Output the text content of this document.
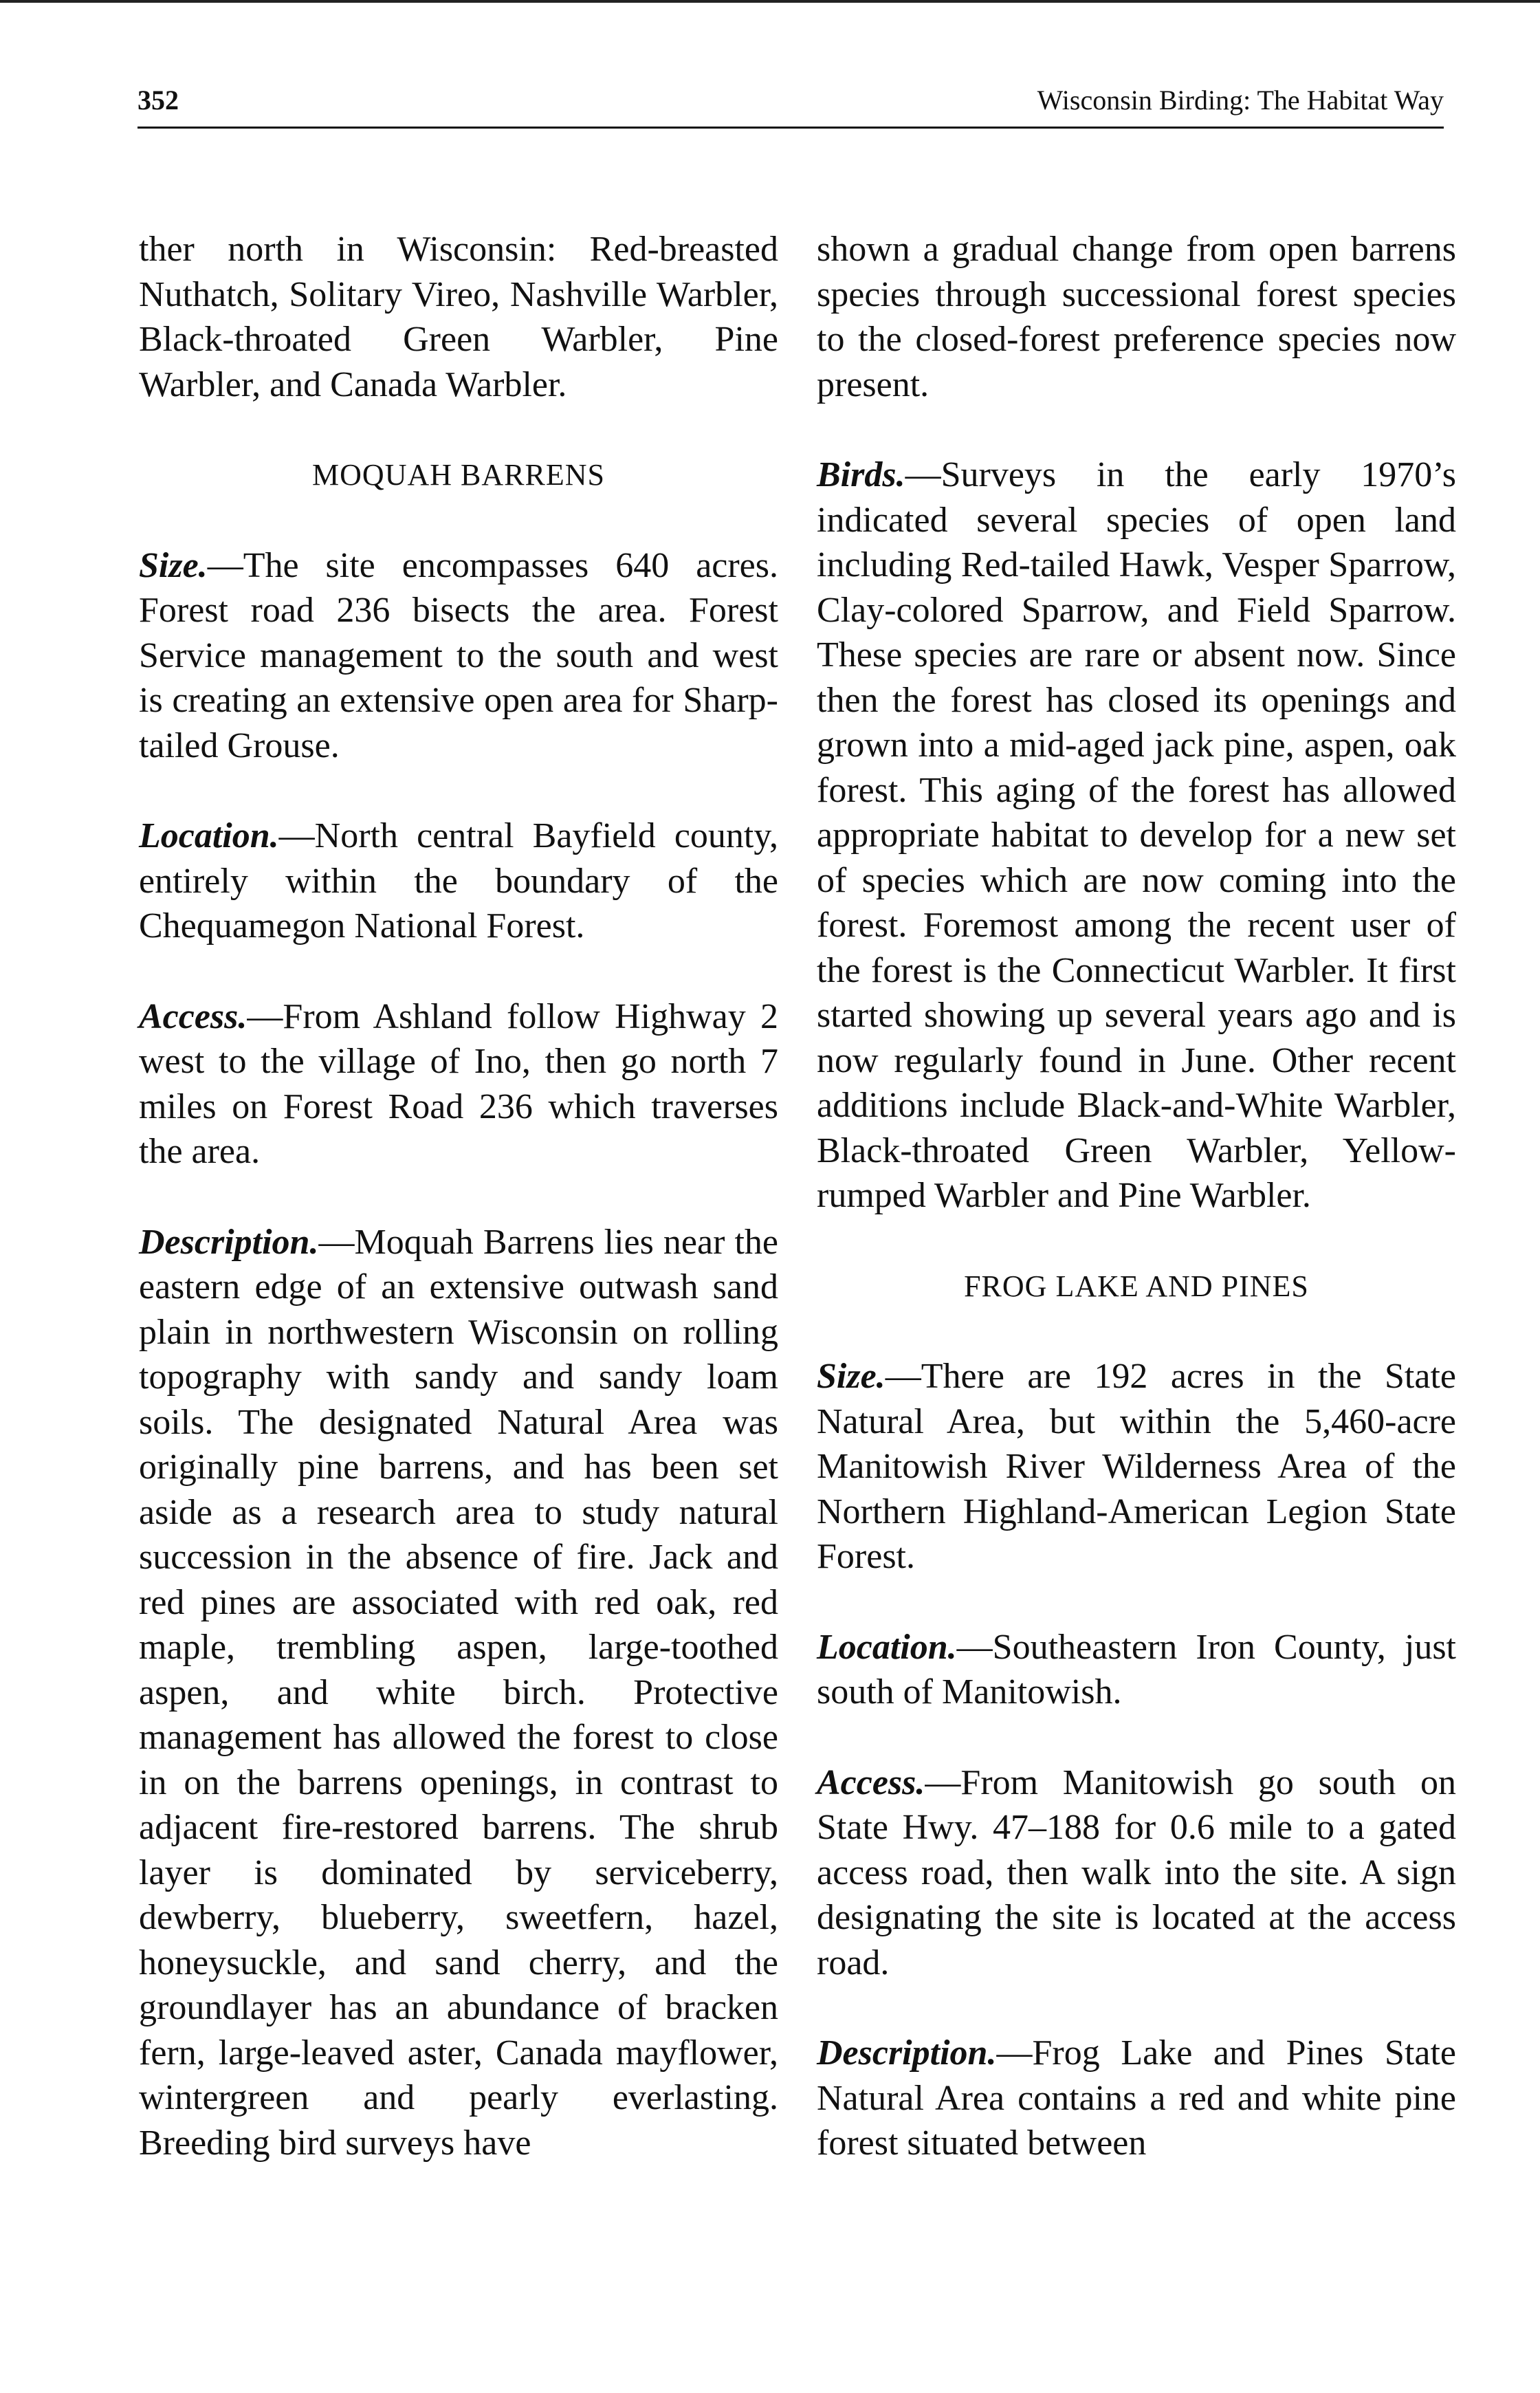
352	Wisconsin Birding: The Habitat Way

ther north in Wisconsin: Red-breasted Nuthatch, Solitary Vireo, Nashville Warbler, Black-throated Green Warbler, Pine Warbler, and Canada Warbler.

MOQUAH BARRENS

Size.—The site encompasses 640 acres. Forest road 236 bisects the area. Forest Service management to the south and west is creating an extensive open area for Sharp-tailed Grouse.

Location.—North central Bayfield county, entirely within the boundary of the Chequamegon National Forest.

Access.—From Ashland follow Highway 2 west to the village of Ino, then go north 7 miles on Forest Road 236 which traverses the area.

Description.—Moquah Barrens lies near the eastern edge of an extensive outwash sand plain in northwestern Wisconsin on rolling topography with sandy and sandy loam soils. The designated Natural Area was originally pine barrens, and has been set aside as a research area to study natural succession in the absence of fire. Jack and red pines are associated with red oak, red maple, trembling aspen, large-toothed aspen, and white birch. Protective management has allowed the forest to close in on the barrens openings, in contrast to adjacent fire-restored barrens. The shrub layer is dominated by serviceberry, dewberry, blueberry, sweetfern, hazel, honeysuckle, and sand cherry, and the groundlayer has an abundance of bracken fern, large-leaved aster, Canada mayflower, wintergreen and pearly everlasting. Breeding bird surveys have

shown a gradual change from open barrens species through successional forest species to the closed-forest preference species now present.

Birds.—Surveys in the early 1970’s indicated several species of open land including Red-tailed Hawk, Vesper Sparrow, Clay-colored Sparrow, and Field Sparrow. These species are rare or absent now. Since then the forest has closed its openings and grown into a mid-aged jack pine, aspen, oak forest. This aging of the forest has allowed appropriate habitat to develop for a new set of species which are now coming into the forest. Foremost among the recent user of the forest is the Connecticut Warbler. It first started showing up several years ago and is now regularly found in June. Other recent additions include Black-and-White Warbler, Black-throated Green Warbler, Yellow-rumped Warbler and Pine Warbler.

FROG LAKE AND PINES

Size.—There are 192 acres in the State Natural Area, but within the 5,460-acre Manitowish River Wilderness Area of the Northern Highland-American Legion State Forest.

Location.—Southeastern Iron County, just south of Manitowish.

Access.—From Manitowish go south on State Hwy. 47–188 for 0.6 mile to a gated access road, then walk into the site. A sign designating the site is located at the access road.

Description.—Frog Lake and Pines State Natural Area contains a red and white pine forest situated between
